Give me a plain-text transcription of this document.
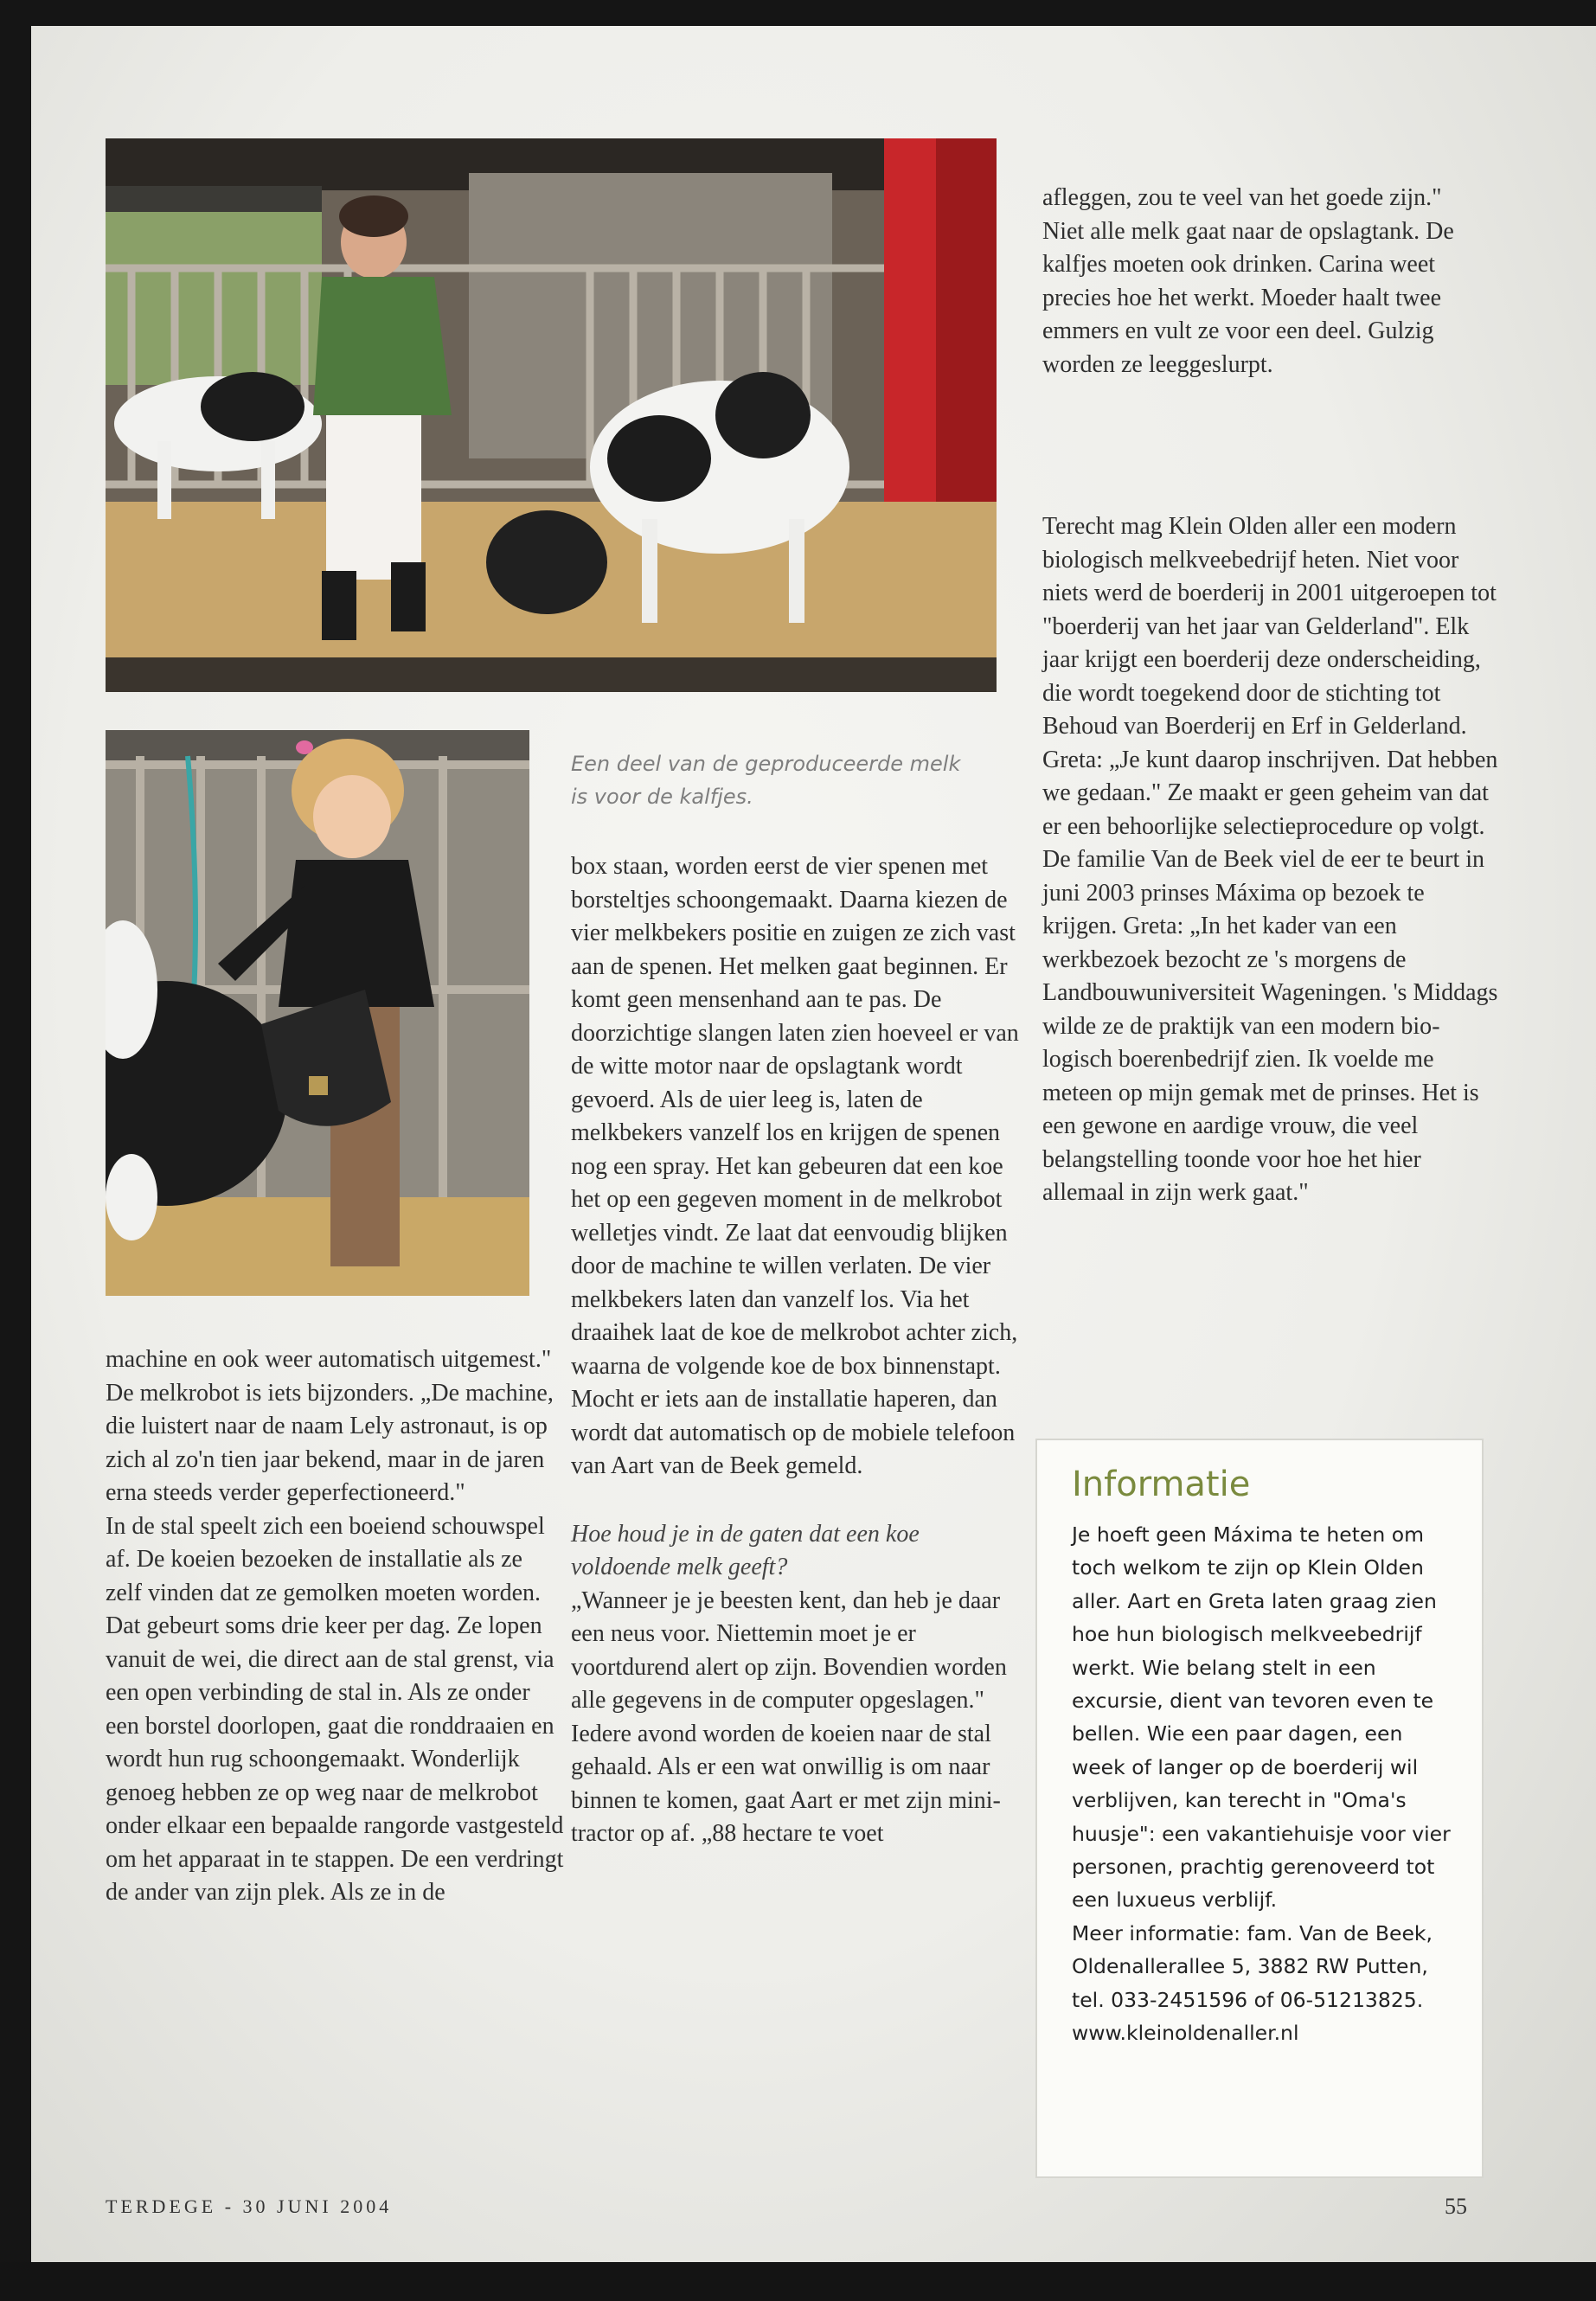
Een deel van de geproduceerde melk is voor de kalfjes.

machine en ook weer automatisch uitgemest."

De melkrobot is iets bijzonders. „De machine, die luistert naar de naam Lely astronaut, is op zich al zo'n tien jaar bekend, maar in de jaren erna steeds verder geperfectioneerd."

In de stal speelt zich een boeiend schouwspel af. De koeien bezoeken de installatie als ze zelf vinden dat ze gemolken moeten worden. Dat gebeurt soms drie keer per dag. Ze lopen vanuit de wei, die direct aan de stal grenst, via een open verbinding de stal in. Als ze onder een borstel doorlopen, gaat die ronddraaien en wordt hun rug schoongemaakt. Wonderlijk genoeg hebben ze op weg naar de melkrobot onder elkaar een bepaalde rangorde vastgesteld om het apparaat in te stappen. De een verdringt de ander van zijn plek. Als ze in de

box staan, worden eerst de vier spenen met borsteltjes schoongemaakt. Daarna kiezen de vier melkbekers positie en zuigen ze zich vast aan de spenen. Het melken gaat beginnen. Er komt geen mensenhand aan te pas. De doorzichtige slangen laten zien hoeveel er van de witte motor naar de opslagtank wordt gevoerd. Als de uier leeg is, laten de melkbekers vanzelf los en krijgen de spenen nog een spray. Het kan gebeuren dat een koe het op een gegeven moment in de melkrobot welletjes vindt. Ze laat dat eenvoudig blijken door de machine te willen verlaten. De vier melkbekers laten dan vanzelf los. Via het draaihek laat de koe de melkrobot achter zich, waarna de volgende koe de box binnenstapt. Mocht er iets aan de installatie haperen, dan wordt dat automatisch op de mobiele telefoon van Aart van de Beek gemeld.

Hoe houd je in de gaten dat een koe voldoende melk geeft?

„Wanneer je je beesten kent, dan heb je daar een neus voor. Niettemin moet je er voortdurend alert op zijn. Bovendien worden alle gegevens in de computer opgeslagen."

Iedere avond worden de koeien naar de stal gehaald. Als er een wat onwillig is om naar binnen te komen, gaat Aart er met zijn minitractor op af. „88 hectare te voet

afleggen, zou te veel van het goede zijn."

Niet alle melk gaat naar de opslagtank. De kalfjes moeten ook drinken. Carina weet precies hoe het werkt. Moeder haalt twee emmers en vult ze voor een deel. Gulzig worden ze leeggeslurpt.

Terecht mag Klein Olden aller een modern biologisch melkveebedrijf heten. Niet voor niets werd de boerderij in 2001 uitgeroepen tot "boerderij van het jaar van Gelderland". Elk jaar krijgt een boerderij deze onderscheiding, die wordt toegekend door de stichting tot Behoud van Boerderij en Erf in Gelderland. Greta: „Je kunt daarop inschrijven. Dat hebben we gedaan." Ze maakt er geen geheim van dat er een behoorlijke selectieprocedure op volgt. De familie Van de Beek viel de eer te beurt in juni 2003 prinses Máxima op bezoek te krijgen. Greta: „In het kader van een werkbezoek bezocht ze 's morgens de Landbouwuniversiteit Wageningen. 's Middags wilde ze de praktijk van een modern biologisch boerenbedrijf zien. Ik voelde me meteen op mijn gemak met de prinses. Het is een gewone en aardige vrouw, die veel belangstelling toonde voor hoe het hier allemaal in zijn werk gaat."

Informatie

Je hoeft geen Máxima te heten om toch welkom te zijn op Klein Olden aller. Aart en Greta laten graag zien hoe hun biologisch melkveebedrijf werkt. Wie belang stelt in een excursie, dient van tevoren even te bellen. Wie een paar dagen, een week of langer op de boerderij wil verblijven, kan terecht in "Oma's huusje": een vakantiehuisje voor vier personen, prachtig gerenoveerd tot een luxueus verblijf.

Meer informatie: fam. Van de Beek, Oldenallerallee 5, 3882 RW Putten, tel. 033-2451596 of 06-51213825.

www.kleinoldenaller.nl

TERDEGE - 30 JUNI 2004	55
